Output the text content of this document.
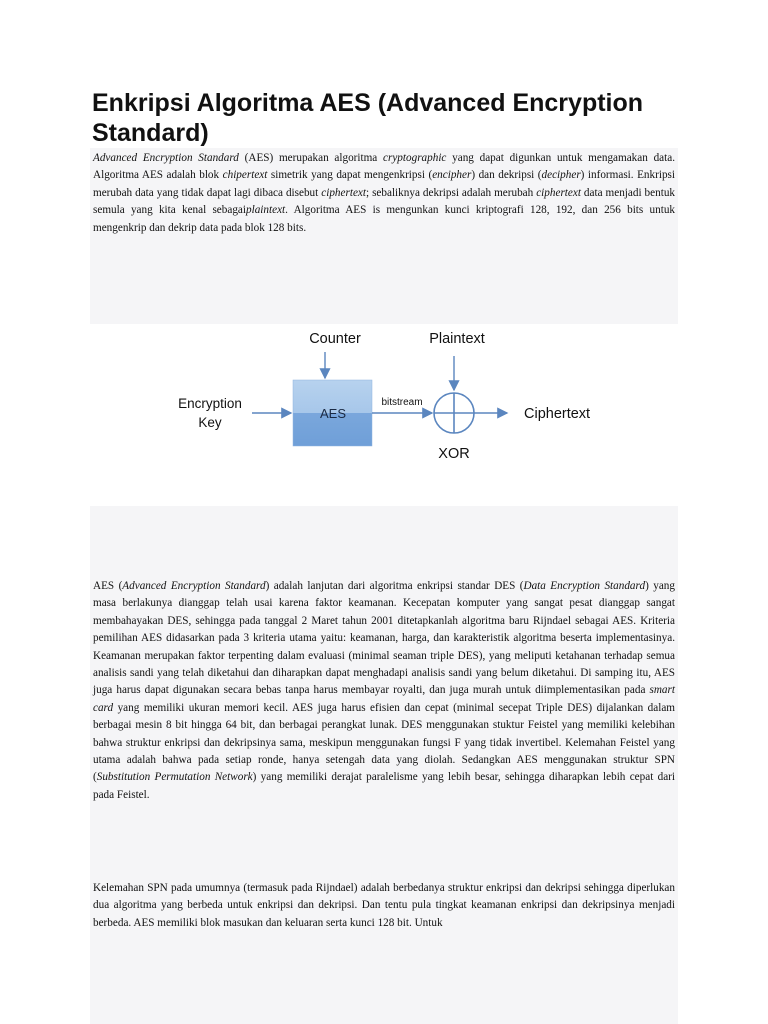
Enkripsi Algoritma AES (Advanced Encryption Standard)

Advanced Encryption Standard (AES) merupakan algoritma cryptographic yang dapat digunkan untuk mengamakan data. Algoritma AES adalah blok chipertext simetrik yang dapat mengenkripsi (encipher) dan dekripsi (decipher) informasi. Enkripsi merubah data yang tidak dapat lagi dibaca disebut ciphertext; sebaliknya dekripsi adalah merubah ciphertext data menjadi bentuk semula yang kita kenal sebagaiplaintext. Algoritma AES is mengunkan kunci kriptografi 128, 192, dan 256 bits untuk mengenkrip dan dekrip data pada blok 128 bits.

Counter	Plaintext
Encryption
Key
AES
bitstream
Ciphertext
XOR

AES (Advanced Encryption Standard) adalah lanjutan dari algoritma enkripsi standar DES (Data Encryption Standard) yang masa berlakunya dianggap telah usai karena faktor keamanan. Kecepatan komputer yang sangat pesat dianggap sangat membahayakan DES, sehingga pada tanggal 2 Maret tahun 2001 ditetapkanlah algoritma baru Rijndael sebagai AES. Kriteria pemilihan AES didasarkan pada 3 kriteria utama yaitu: keamanan, harga, dan karakteristik algoritma beserta implementasinya. Keamanan merupakan faktor terpenting dalam evaluasi (minimal seaman triple DES), yang meliputi ketahanan terhadap semua analisis sandi yang telah diketahui dan diharapkan dapat menghadapi analisis sandi yang belum diketahui. Di samping itu, AES juga harus dapat digunakan secara bebas tanpa harus membayar royalti, dan juga murah untuk diimplementasikan pada smart card yang memiliki ukuran memori kecil. AES juga harus efisien dan cepat (minimal secepat Triple DES) dijalankan dalam berbagai mesin 8 bit hingga 64 bit, dan berbagai perangkat lunak. DES menggunakan stuktur Feistel yang memiliki kelebihan bahwa struktur enkripsi dan dekripsinya sama, meskipun menggunakan fungsi F yang tidak invertibel. Kelemahan Feistel yang utama adalah bahwa pada setiap ronde, hanya setengah data yang diolah. Sedangkan AES menggunakan struktur SPN (Substitution Permutation Network) yang memiliki derajat paralelisme yang lebih besar, sehingga diharapkan lebih cepat dari pada Feistel.

Kelemahan SPN pada umumnya (termasuk pada Rijndael) adalah berbedanya struktur enkripsi dan dekripsi sehingga diperlukan dua algoritma yang berbeda untuk enkripsi dan dekripsi. Dan tentu pula tingkat keamanan enkripsi dan dekripsinya menjadi berbeda. AES memiliki blok masukan dan keluaran serta kunci 128 bit. Untuk
